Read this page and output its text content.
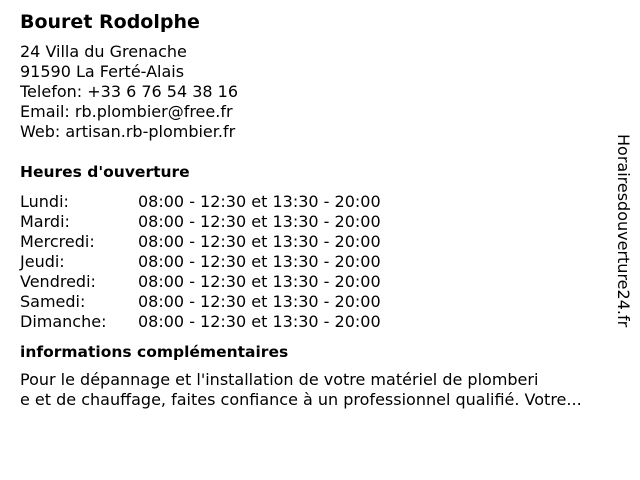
Bouret Rodolphe
24 Villa du Grenache
91590 La Ferté-Alais
Telefon: +33 6 76 54 38 16
Email: rb.plombier@free.fr
Web: artisan.rb-plombier.fr
Heures d'ouverture
Lundi:	08:00 - 12:30 et 13:30 - 20:00
Mardi:	08:00 - 12:30 et 13:30 - 20:00
Mercredi:	08:00 - 12:30 et 13:30 - 20:00
Jeudi:	08:00 - 12:30 et 13:30 - 20:00
Vendredi:	08:00 - 12:30 et 13:30 - 20:00
Samedi:	08:00 - 12:30 et 13:30 - 20:00
Dimanche:	08:00 - 12:30 et 13:30 - 20:00
informations complémentaires
Pour le dépannage et l'installation de votre matériel de plomberi
e et de chauffage, faites confiance à un professionnel qualifié. Votre...
Horairesdouverture24.fr
